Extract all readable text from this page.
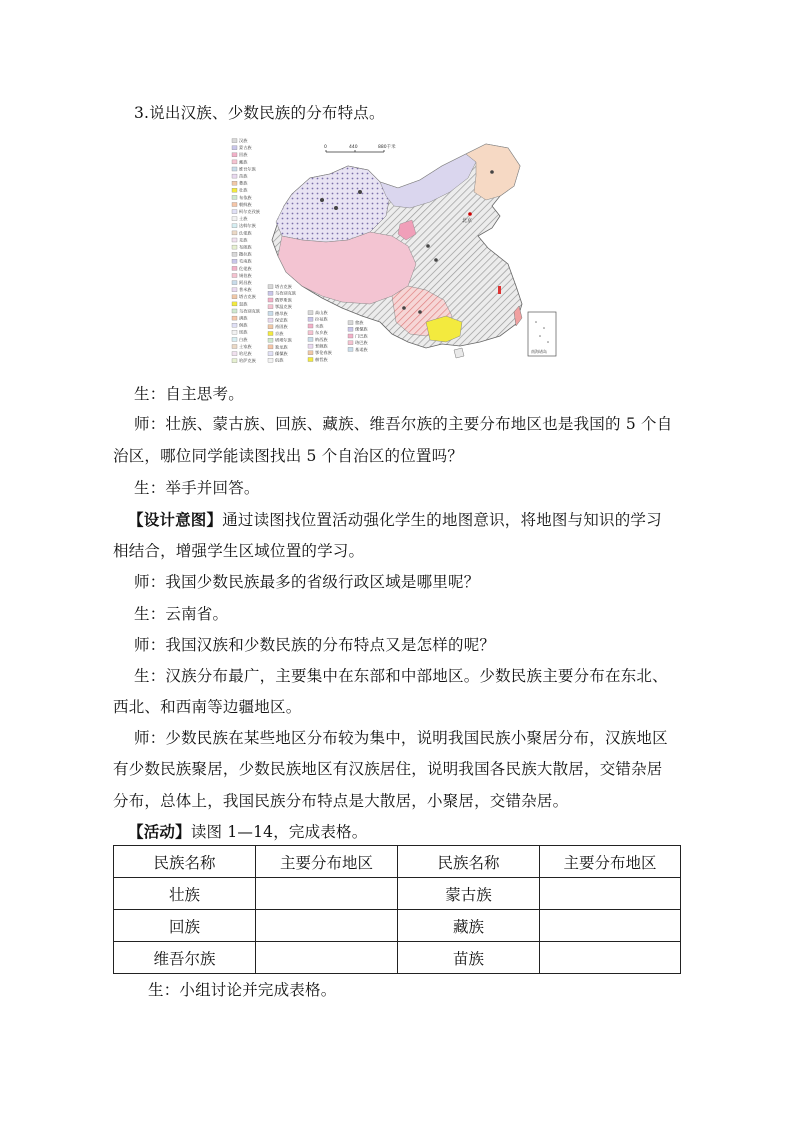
3.说出汉族、少数民族的分布特点。
汉族
蒙古族
回族
藏族
维吾尔族
苗族
彝族
壮族
布依族
朝鲜族
柯尔克孜族
土族
达斡尔族
仫佬族
羌族
布朗族
撒拉族
毛南族
仡佬族
锡伯族
阿昌族
普米族
塔吉克族
怒族
乌孜别克族
满族
侗族
瑶族
白族
土家族
哈尼族
哈萨克族
塔吉克族
乌孜别克族
俄罗斯族
鄂温克族
德昂族
保安族
裕固族
京族
塔塔尔族
独龙族
傈僳族
佤族
高山族
拉祜族
水族
东乡族
纳西族
景颇族
鄂伦春族
赫哲族
畲族
傈僳族
门巴族
珞巴族
基诺族
0	440	880千米
北京
南海诸岛
生：自主思考。
师：壮族、蒙古族、回族、藏族、维吾尔族的主要分布地区也是我国的 5 个自
治区，哪位同学能读图找出 5 个自治区的位置吗？
生：举手并回答。
【设计意图】通过读图找位置活动强化学生的地图意识，将地图与知识的学习
相结合，增强学生区域位置的学习。
师：我国少数民族最多的省级行政区域是哪里呢？
生：云南省。
师：我国汉族和少数民族的分布特点又是怎样的呢？
生：汉族分布最广，主要集中在东部和中部地区。少数民族主要分布在东北、
西北、和西南等边疆地区。
师：少数民族在某些地区分布较为集中，说明我国民族小聚居分布，汉族地区
有少数民族聚居，少数民族地区有汉族居住，说明我国各民族大散居，交错杂居
分布，总体上，我国民族分布特点是大散居，小聚居，交错杂居。
【活动】读图 1—14，完成表格。
民族名称	主要分布地区	民族名称	主要分布地区
壮族		蒙古族	
回族		藏族	
维吾尔族		苗族	
生：小组讨论并完成表格。
